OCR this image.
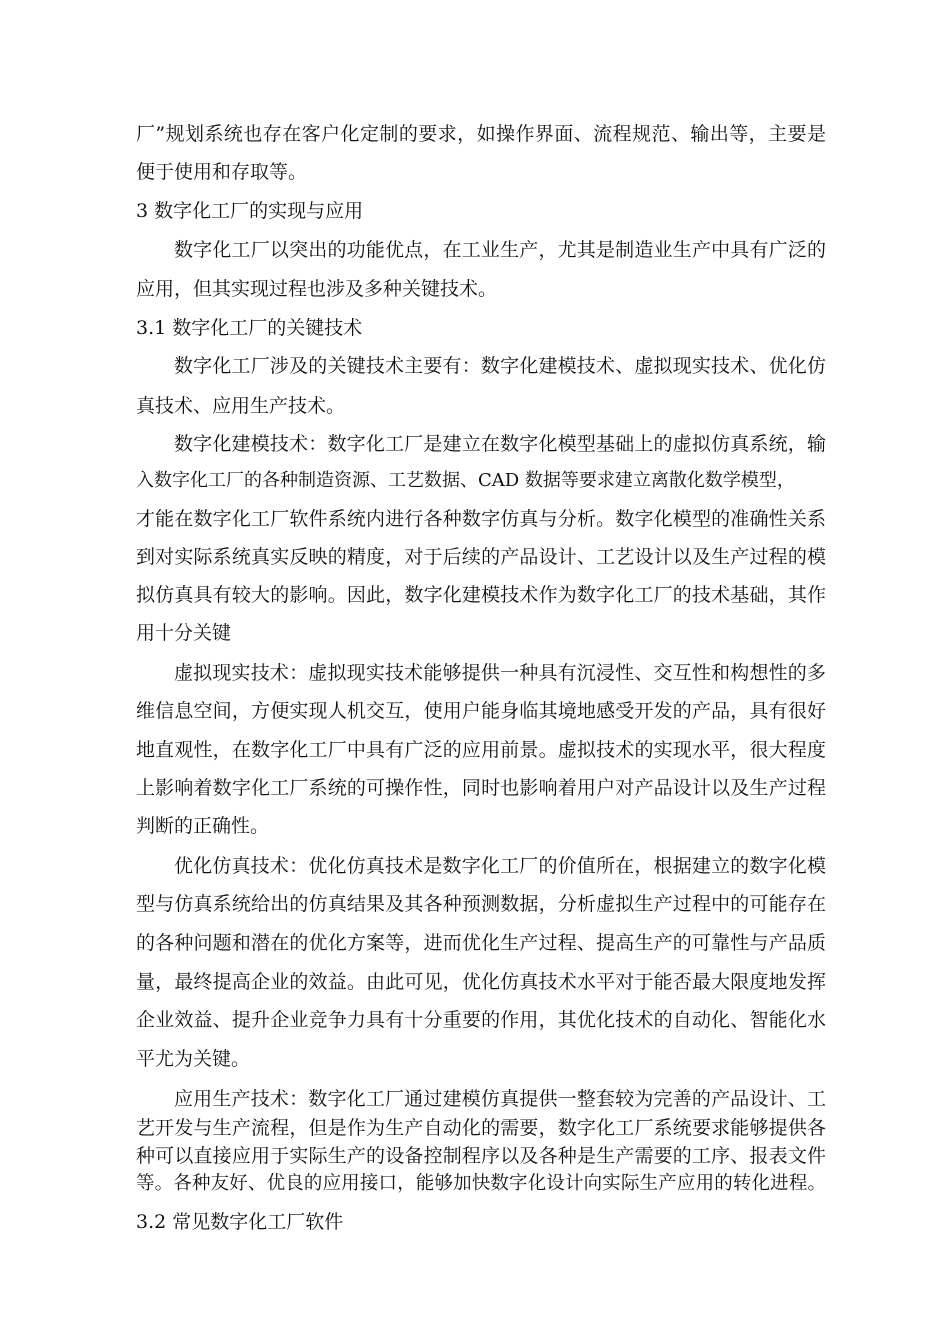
厂”规划系统也存在客户化定制的要求，如操作界面、流程规范、输出等，主要是
便于使用和存取等。
3 数字化工厂的实现与应用
数字化工厂以突出的功能优点，在工业生产，尤其是制造业生产中具有广泛的
应用，但其实现过程也涉及多种关键技术。
3.1 数字化工厂的关键技术
数字化工厂涉及的关键技术主要有：数字化建模技术、虚拟现实技术、优化仿
真技术、应用生产技术。
数字化建模技术：数字化工厂是建立在数字化模型基础上的虚拟仿真系统，输
入数字化工厂的各种制造资源、工艺数据、CAD 数据等要求建立离散化数学模型，
才能在数字化工厂软件系统内进行各种数字仿真与分析。数字化模型的准确性关系
到对实际系统真实反映的精度，对于后续的产品设计、工艺设计以及生产过程的模
拟仿真具有较大的影响。因此，数字化建模技术作为数字化工厂的技术基础，其作
用十分关键
虚拟现实技术：虚拟现实技术能够提供一种具有沉浸性、交互性和构想性的多
维信息空间，方便实现人机交互，使用户能身临其境地感受开发的产品，具有很好
地直观性，在数字化工厂中具有广泛的应用前景。虚拟技术的实现水平，很大程度
上影响着数字化工厂系统的可操作性，同时也影响着用户对产品设计以及生产过程
判断的正确性。
优化仿真技术：优化仿真技术是数字化工厂的价值所在，根据建立的数字化模
型与仿真系统给出的仿真结果及其各种预测数据，分析虚拟生产过程中的可能存在
的各种问题和潜在的优化方案等，进而优化生产过程、提高生产的可靠性与产品质
量，最终提高企业的效益。由此可见，优化仿真技术水平对于能否最大限度地发挥
企业效益、提升企业竞争力具有十分重要的作用，其优化技术的自动化、智能化水
平尤为关键。
应用生产技术：数字化工厂通过建模仿真提供一整套较为完善的产品设计、工
艺开发与生产流程，但是作为生产自动化的需要，数字化工厂系统要求能够提供各
种可以直接应用于实际生产的设备控制程序以及各种是生产需要的工序、报表文件
等。各种友好、优良的应用接口，能够加快数字化设计向实际生产应用的转化进程。
3.2 常见数字化工厂软件
